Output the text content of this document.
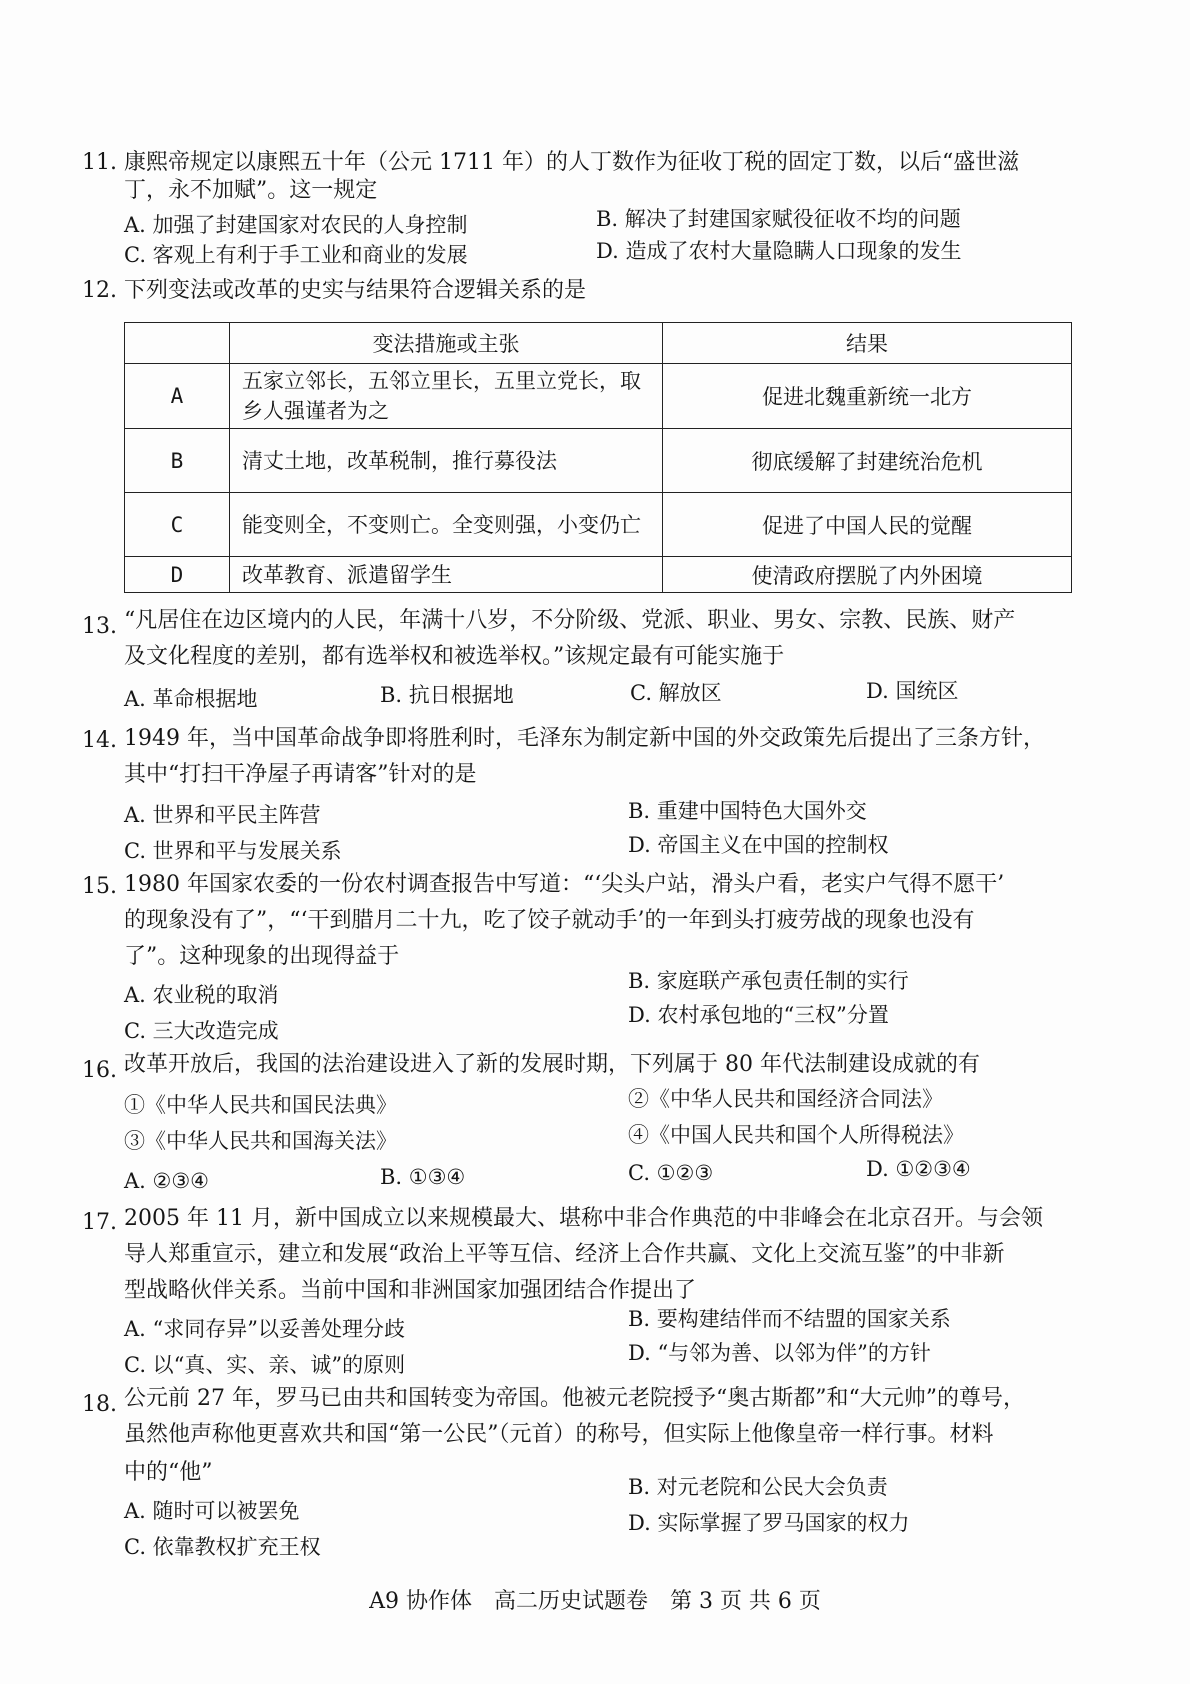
11. 康熙帝规定以康熙五十年（公元 1711 年）的人丁数作为征收丁税的固定丁数，以后“盛世滋
丁，永不加赋”。这一规定
A. 加强了封建国家对农民的人身控制	B. 解决了封建国家赋役征收不均的问题
C. 客观上有利于手工业和商业的发展	D. 造成了农村大量隐瞒人口现象的发生
12. 下列变法或改革的史实与结果符合逻辑关系的是
	变法措施或主张	结果
A	五家立邻长，五邻立里长，五里立党长，取乡人强谨者为之	促进北魏重新统一北方
B	清丈土地，改革税制，推行募役法	彻底缓解了封建统治危机
C	能变则全，不变则亡。全变则强，小变仍亡	促进了中国人民的觉醒
D	改革教育、派遣留学生	使清政府摆脱了内外困境
13. “凡居住在边区境内的人民，年满十八岁，不分阶级、党派、职业、男女、宗教、民族、财产
及文化程度的差别，都有选举权和被选举权。”该规定最有可能实施于
A. 革命根据地	B. 抗日根据地	C. 解放区	D. 国统区
14. 1949 年，当中国革命战争即将胜利时，毛泽东为制定新中国的外交政策先后提出了三条方针，
其中“打扫干净屋子再请客”针对的是
A. 世界和平民主阵营	B. 重建中国特色大国外交
C. 世界和平与发展关系	D. 帝国主义在中国的控制权
15. 1980 年国家农委的一份农村调查报告中写道：“‘尖头户站，滑头户看，老实户气得不愿干’
的现象没有了”，“‘干到腊月二十九，吃了饺子就动手’的一年到头打疲劳战的现象也没有
了”。这种现象的出现得益于
A. 农业税的取消
B. 家庭联产承包责任制的实行
C. 三大改造完成
D. 农村承包地的“三权”分置
16. 改革开放后，我国的法治建设进入了新的发展时期，下列属于 80 年代法制建设成就的有
①《中华人民共和国民法典》	②《中华人民共和国经济合同法》
③《中华人民共和国海关法》	④《中国人民共和国个人所得税法》
A. ②③④	B. ①③④	C. ①②③	D. ①②③④
17. 2005 年 11 月，新中国成立以来规模最大、堪称中非合作典范的中非峰会在北京召开。与会领
导人郑重宣示，建立和发展“政治上平等互信、经济上合作共赢、文化上交流互鉴”的中非新
型战略伙伴关系。当前中国和非洲国家加强团结合作提出了
A. “求同存异”以妥善处理分歧	B. 要构建结伴而不结盟的国家关系
C. 以“真、实、亲、诚”的原则	D. “与邻为善、以邻为伴”的方针
18. 公元前 27 年，罗马已由共和国转变为帝国。他被元老院授予“奥古斯都”和“大元帅”的尊号，
虽然他声称他更喜欢共和国“第一公民”（元首）的称号，但实际上他像皇帝一样行事。材料
中的“他”
A. 随时可以被罢免
B. 对元老院和公民大会负责
C. 依靠教权扩充王权
D. 实际掌握了罗马国家的权力
A9 协作体　高二历史试题卷　第 3 页 共 6 页
